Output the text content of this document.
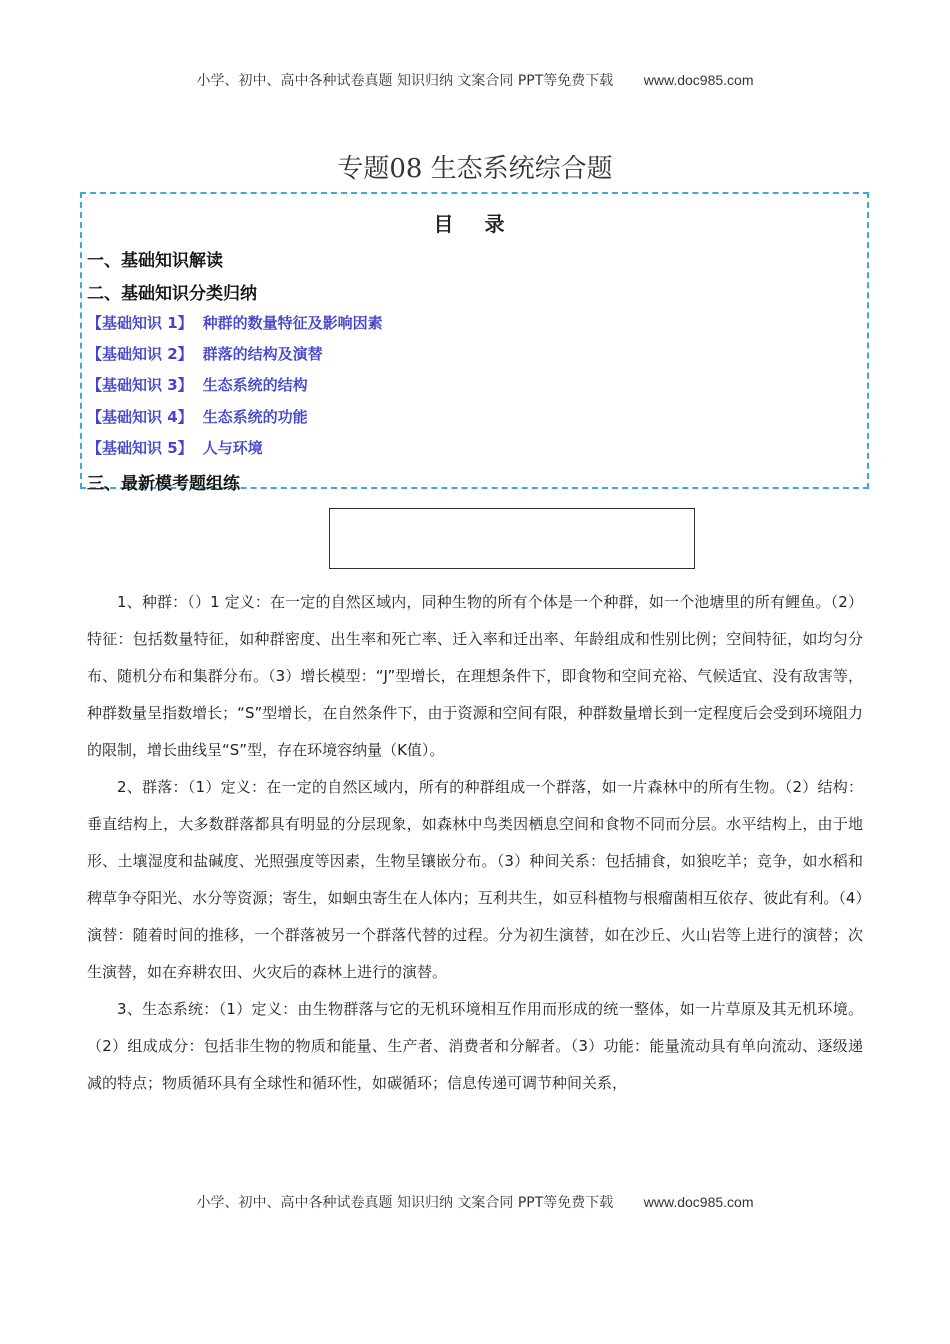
小学、初中、高中各种试卷真题 知识归纳 文案合同 PPT等免费下载 www.doc985.com
专题08 生态系统综合题
目 录
一、基础知识解读
二、基础知识分类归纳
【基础知识 1】 种群的数量特征及影响因素
【基础知识 2】 群落的结构及演替
【基础知识 3】 生态系统的结构
【基础知识 4】 生态系统的功能
【基础知识 5】 人与环境
三、最新模考题组练

1、种群：（）1 定义：在一定的自然区域内，同种生物的所有个体是一个种群，如一个池塘里的所有鲤鱼。（2）特征：包括数量特征，如种群密度、出生率和死亡率、迁入率和迁出率、年龄组成和性别比例；空间特征，如均匀分布、随机分布和集群分布。（3）增长模型：“J”型增长，在理想条件下，即食物和空间充裕、气候适宜、没有敌害等，种群数量呈指数增长；“S”型增长，在自然条件下，由于资源和空间有限，种群数量增长到一定程度后会受到环境阻力的限制，增长曲线呈“S”型，存在环境容纳量（K值）。

2、群落：（1）定义：在一定的自然区域内，所有的种群组成一个群落，如一片森林中的所有生物。（2）结构：垂直结构上，大多数群落都具有明显的分层现象，如森林中鸟类因栖息空间和食物不同而分层。水平结构上，由于地形、土壤湿度和盐碱度、光照强度等因素，生物呈镶嵌分布。（3）种间关系：包括捕食，如狼吃羊；竞争，如水稻和稗草争夺阳光、水分等资源；寄生，如蛔虫寄生在人体内；互利共生，如豆科植物与根瘤菌相互依存、彼此有利。（4）演替：随着时间的推移，一个群落被另一个群落代替的过程。分为初生演替，如在沙丘、火山岩等上进行的演替；次生演替，如在弃耕农田、火灾后的森林上进行的演替。

3、生态系统：（1）定义：由生物群落与它的无机环境相互作用而形成的统一整体，如一片草原及其无机环境。（2）组成成分：包括非生物的物质和能量、生产者、消费者和分解者。（3）功能：能量流动具有单向流动、逐级递减的特点；物质循环具有全球性和循环性，如碳循环；信息传递可调节种间关系，

小学、初中、高中各种试卷真题 知识归纳 文案合同 PPT等免费下载 www.doc985.com
